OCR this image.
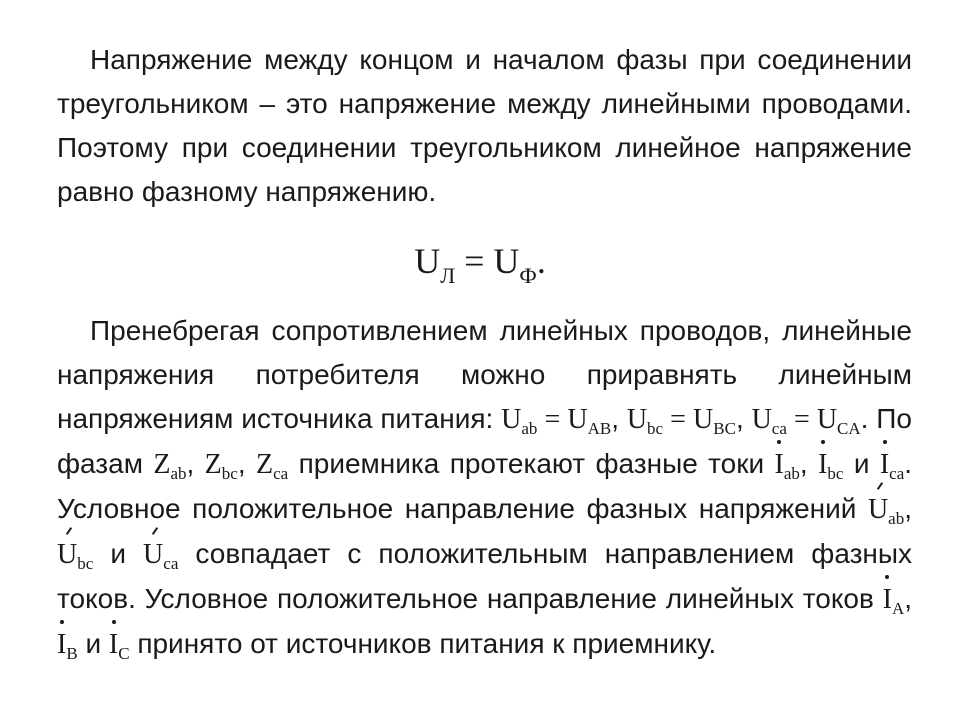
Напряжение между концом и началом фазы при соединении треугольником – это напряжение между линейными проводами. Поэтому при соединении треугольником линейное напряжение равно фазному напряжению.
$U_Л = U_Ф$.
Пренебрегая сопротивлением линейных проводов, линейные напряжения потребителя можно приравнять линейным напряжениям источника питания: $U_{ab} = U_{AB}$, $U_{bc} = U_{BC}$, $U_{ca} = U_{CA}$. По фазам $Z_{ab}$, $Z_{bc}$, $Z_{ca}$ приемника протекают фазные токи $I_{ab}$, $I_{bc}$ и $I_{ca}$. Условное положительное направление фазных напряжений $U_{ab}$, $U_{bc}$ и $U_{ca}$ совпадает с положительным направлением фазных токов. Условное положительное направление линейных токов $I_A$, $I_B$ и $I_C$ принято от источников питания к приемнику.
